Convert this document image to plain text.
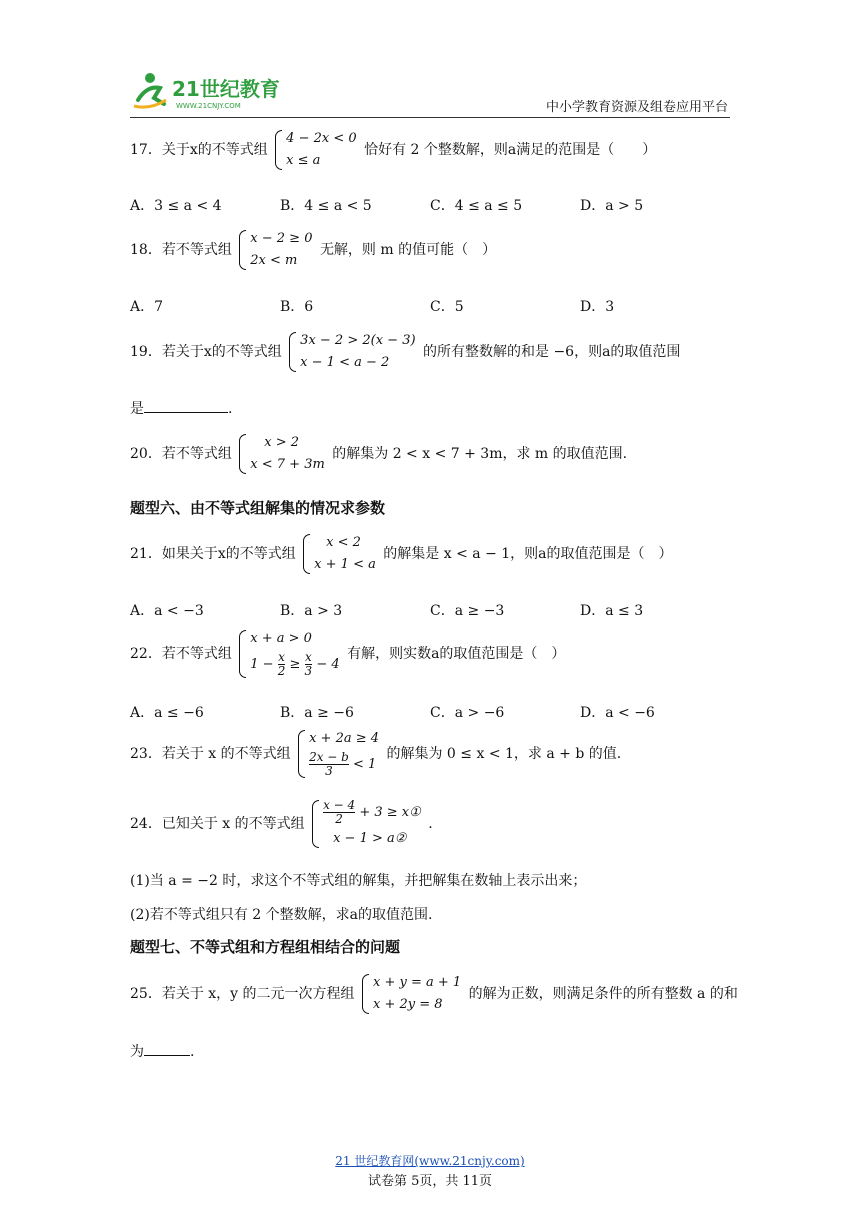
21世纪教育
WWW.21CNJY.COM	中小学教育资源及组卷应用平台
17．关于x的不等式组
4 − 2x < 0
x ≤ a
恰好有 2 个整数解，则a满足的范围是（　　）
A．3 ≤ a < 4	B．4 ≤ a < 5	C．4 ≤ a ≤ 5	D．a > 5
18．若不等式组
x − 2 ≥ 0
2x < m
无解，则 m 的值可能（　）
A．7	B．6	C．5	D．3
19．若关于x的不等式组
3x − 2 > 2(x − 3)
x − 1 < a − 2
的所有整数解的和是 −6，则a的取值范围
是	.
20．若不等式组
x > 2
x < 7 + 3m
的解集为 2 < x < 7 + 3m，求 m 的取值范围.
题型六、由不等式组解集的情况求参数
21．如果关于x的不等式组
x < 2
x + 1 < a
的解集是 x < a − 1，则a的取值范围是（　）
A．a < −3	B．a > 3	C．a ≥ −3	D．a ≤ 3
22．若不等式组
x + a > 0
$1 - \frac{x}{2} \ge \frac{x}{3} - 4$
有解，则实数a的取值范围是（　）
A．a ≤ −6	B．a ≥ −6	C．a > −6	D．a < −6
23．若关于 x 的不等式组
x + 2a ≥ 4
$\frac{2x - b}{3} < 1$
的解集为 0 ≤ x < 1，求 a + b 的值.
24．已知关于 x 的不等式组 $\frac{x - 4}{2} + 3$ ≥ x①
x − 1 > a②
.
(1)当 a = −2 时，求这个不等式组的解集，并把解集在数轴上表示出来；
(2)若不等式组只有 2 个整数解，求a的取值范围.
题型七、不等式组和方程组相结合的问题
25．若关于 x，y 的二元一次方程组
x + y = a + 1
x + 2y = 8
的解为正数，则满足条件的所有整数 a 的和
为	.
21 世纪教育网(www.21cnjy.com)
试卷第 5页，共 11页
